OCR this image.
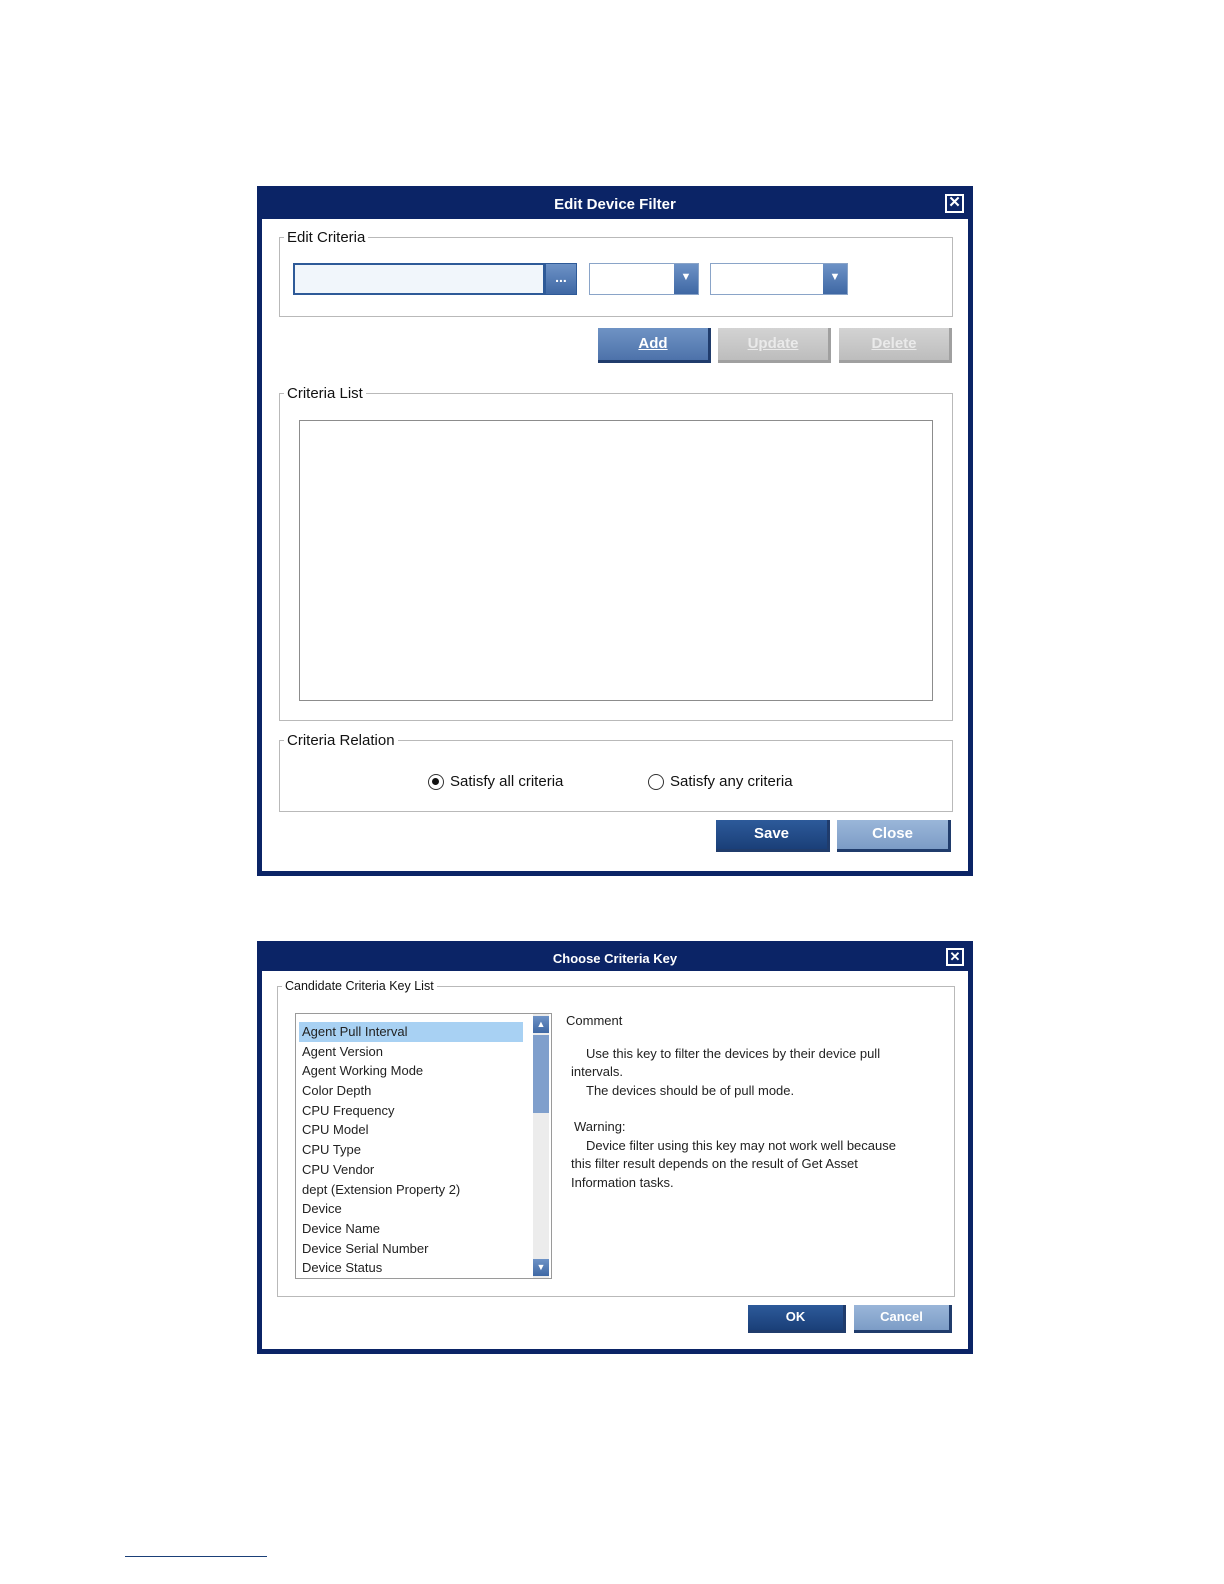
Edit Device Filter	✕
Edit Criteria
...	▼	▼
Add	Update	Delete
Criteria List
Criteria Relation
Satisfy all criteria	Satisfy any criteria
Save	Close
Choose Criteria Key	✕
Candidate Criteria Key List
Agent Pull Interval
Agent Version
Agent Working Mode
Color Depth
CPU Frequency
CPU Model
CPU Type
CPU Vendor
dept (Extension Property 2)
Device
Device Name
Device Serial Number
Device Status
▲
▼

Comment

Use this key to filter the devices by their device pull

intervals.

The devices should be of pull mode.

Warning:

Device filter using this key may not work well because

this filter result depends on the result of Get Asset

Information tasks.

OK	Cancel
